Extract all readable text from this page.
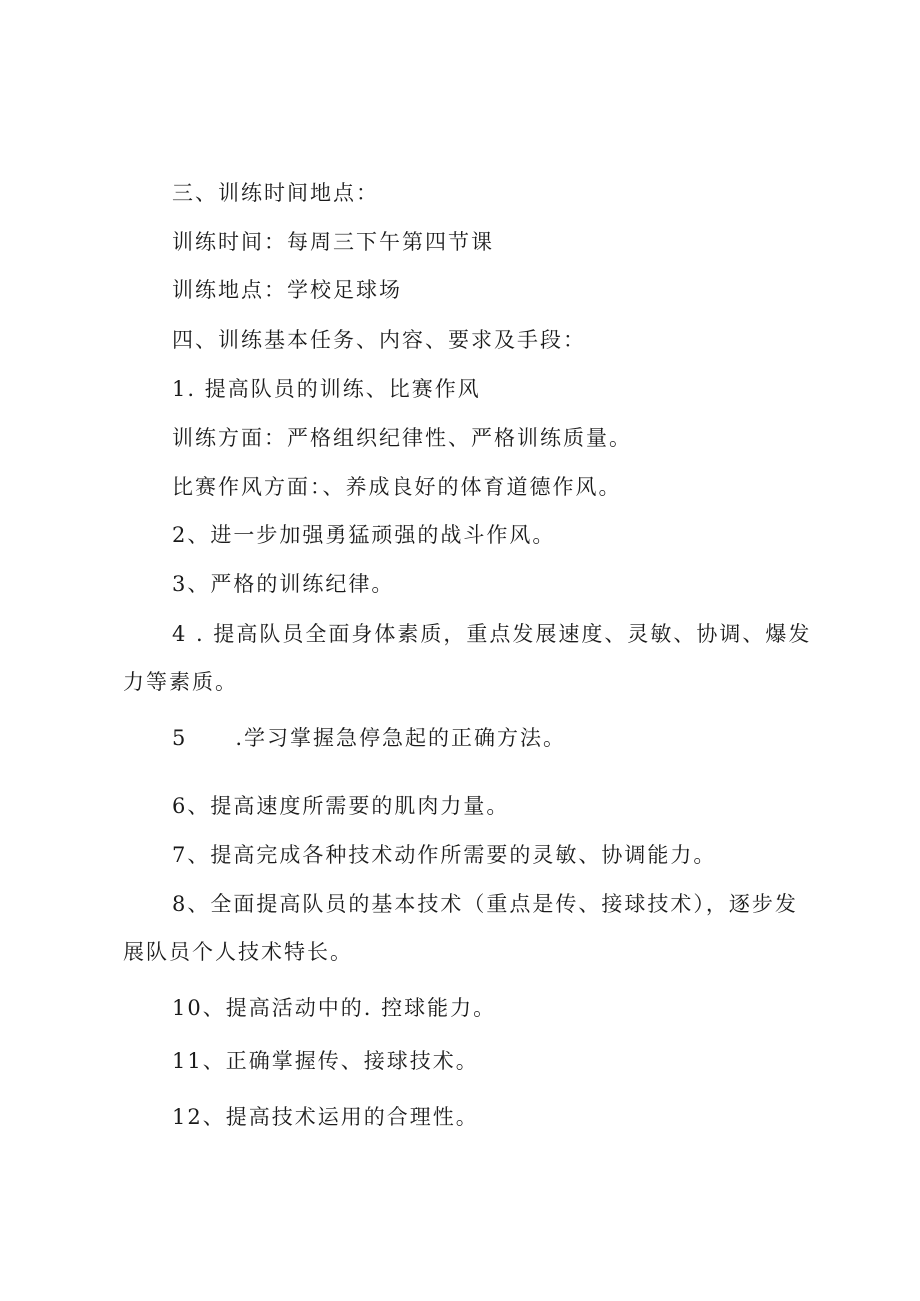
三、训练时间地点：
训练时间：每周三下午第四节课
训练地点：学校足球场
四、训练基本任务、内容、要求及手段：
1. 提高队员的训练、比赛作风
训练方面：严格组织纪律性、严格训练质量。
比赛作风方面：、养成良好的体育道德作风。
2、进一步加强勇猛顽强的战斗作风。
3、严格的训练纪律。
4 . 提高队员全面身体素质，重点发展速度、灵敏、协调、爆发
力等素质。
5 .学习掌握急停急起的正确方法。
6、提高速度所需要的肌肉力量。
7、提高完成各种技术动作所需要的灵敏、协调能力。
8、全面提高队员的基本技术（重点是传、接球技术），逐步发
展队员个人技术特长。
10、提高活动中的. 控球能力。
11、正确掌握传、接球技术。
12、提高技术运用的合理性。
